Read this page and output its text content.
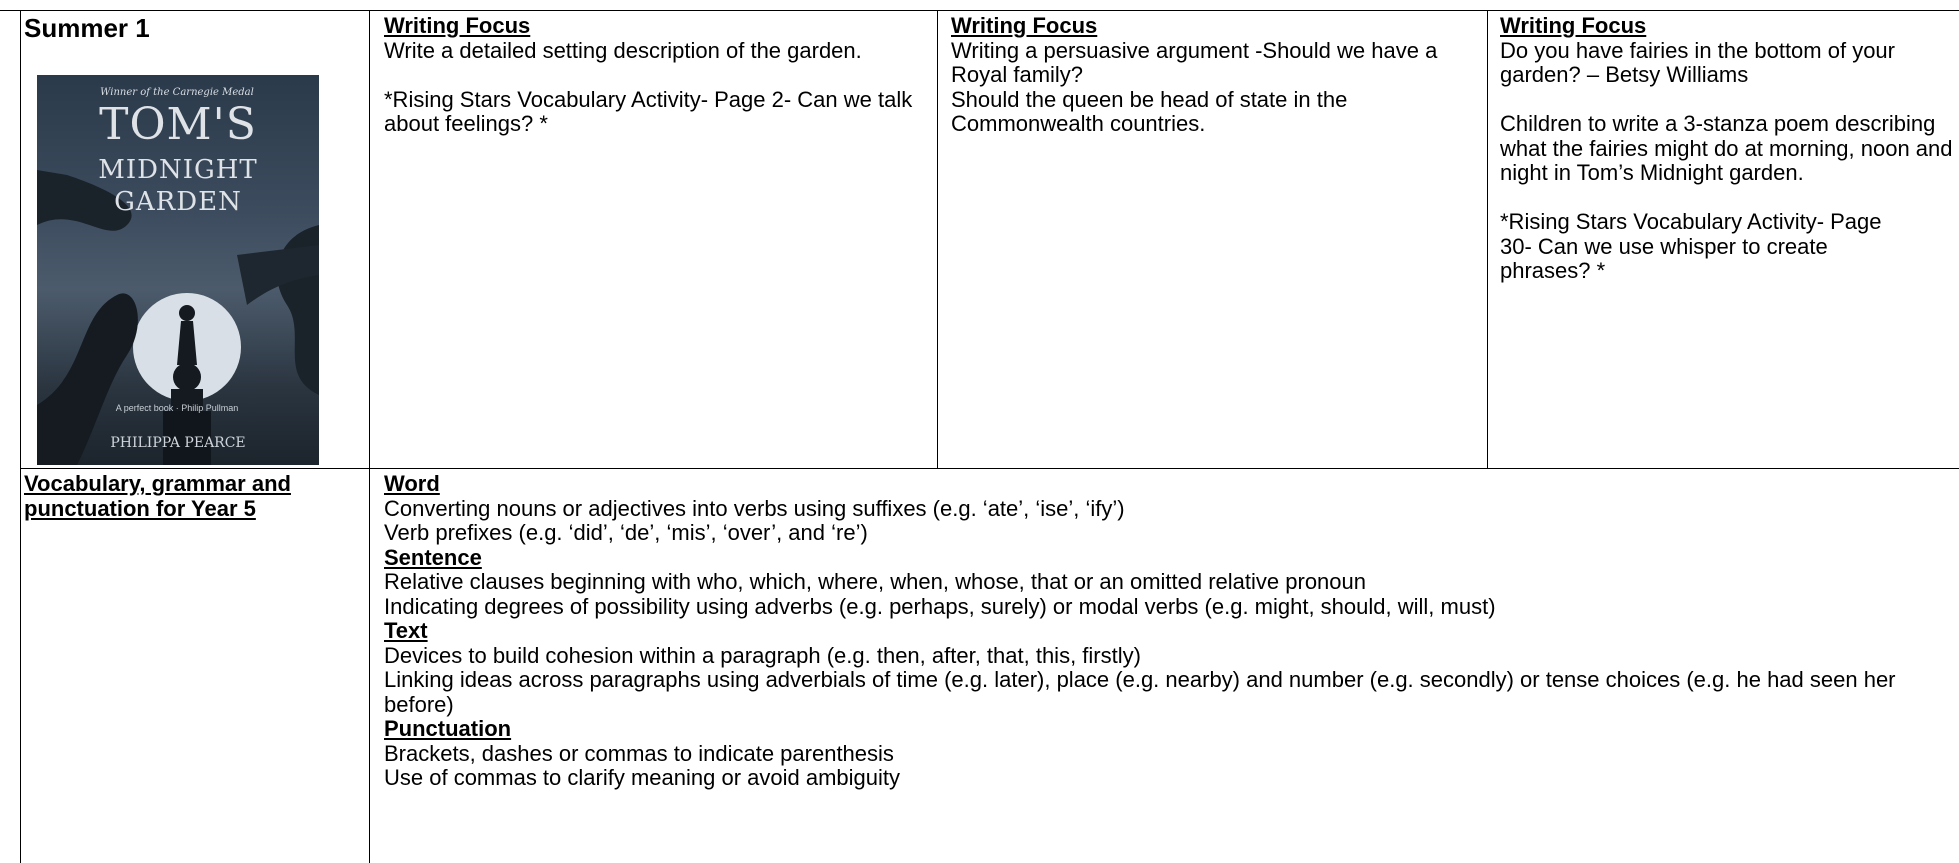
Summer 1
Winner of the Carnegie Medal
TOM'S
MIDNIGHT
GARDEN
A perfect book · Philip Pullman
PHILIPPA PEARCE
Writing Focus

Write a detailed setting description of the garden.

*Rising Stars Vocabulary Activity- Page 2- Can we talk about feelings? *

Writing Focus

Writing a persuasive argument -Should we have a Royal family?

Should the queen be head of state in the Commonwealth countries.

Writing Focus

Do you have fairies in the bottom of your garden? – Betsy Williams

Children to write a 3-stanza poem describing what the fairies might do at morning, noon and night in Tom’s Midnight garden.

*Rising Stars Vocabulary Activity- Page 30- Can we use whisper to create phrases? *

Vocabulary, grammar and punctuation for Year 5
Word

Converting nouns or adjectives into verbs using suffixes (e.g. ‘ate’, ‘ise’, ‘ify’)

Verb prefixes (e.g. ‘did’, ‘de’, ‘mis’, ‘over’, and ‘re’)

Sentence

Relative clauses beginning with who, which, where, when, whose, that or an omitted relative pronoun

Indicating degrees of possibility using adverbs (e.g. perhaps, surely) or modal verbs (e.g. might, should, will, must)

Text

Devices to build cohesion within a paragraph (e.g. then, after, that, this, firstly)

Linking ideas across paragraphs using adverbials of time (e.g. later), place (e.g. nearby) and number (e.g. secondly) or tense choices (e.g. he had seen her before)

Punctuation

Brackets, dashes or commas to indicate parenthesis

Use of commas to clarify meaning or avoid ambiguity
